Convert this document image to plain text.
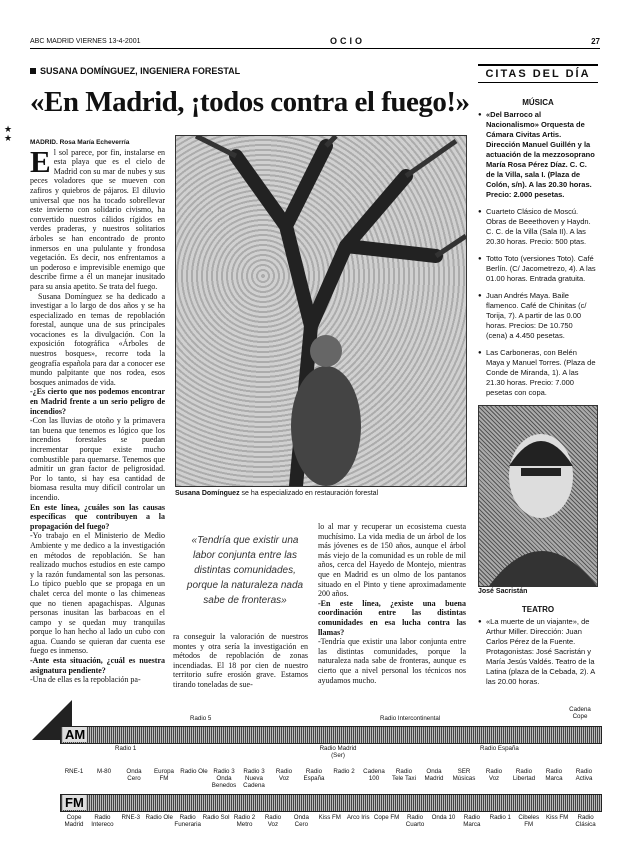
ABC MADRID VIERNES 13-4-2001	OCIO	27
SUSANA DOMÍNGUEZ, INGENIERA FORESTAL
«En Madrid, ¡todos contra el fuego!»
★
★	MADRID. Rosa María Echeverría

El sol parece, por fin, instalarse en esta playa que es el cielo de Madrid con su mar de nubes y sus peces voladores que se mueven con zafiros y quiebros de pájaros. El diluvio universal que nos ha tocado sobrellevar este invierno con solidario civismo, ha convertido nuestros cálidos rígidos en verdes praderas, y nuestros solitarios árboles se han encontrado de pronto inmersos en una pululante y frondosa vegetación. Es decir, nos enfrentamos a un poderoso e imprevisible enemigo que describe firme a él un manejar inusitado para su ansia apetito. Se trata del fuego.

Susana Domínguez se ha dedicado a investigar a lo largo de dos años y se ha especializado en temas de repoblación forestal, aunque una de sus principales vocaciones es la divulgación. Con la exposición fotográfica «Árboles de nuestros bosques», recorre toda la geografía española para dar a conocer ese mundo palpitante que nos rodea, esos bosques animados de vida.

-¿Es cierto que nos podemos encontrar en Madrid frente a un serio peligro de incendios?

-Con las lluvias de otoño y la primavera tan buena que tenemos es lógico que los incendios forestales se puedan incrementar porque existe mucho combustible para quemarse. Tenemos que admitir un gran factor de peligrosidad. Por lo tanto, si hay esa cantidad de biomasa resulta muy difícil controlar un incendio.

En este línea, ¿cuáles son las causas específicas que contribuyen a la propagación del fuego?

-Yo trabajo en el Ministerio de Medio Ambiente y me dedico a la investigación en métodos de repoblación. Se han realizado muchos estudios en este campo y la razón fundamental son las personas. Lo típico pueblo que se propaga en un chalet cerca del monte o las chimeneas que no tienen apagachispas. Algunas personas inusitan las barbacoas en el campo y se quedan muy tranquilas porque lo han hecho al lado un cubo con agua. Cuando se quieran dar cuenta ese fuego es inmenso.

-Ante esta situación, ¿cuál es nuestra asignatura pendiente?

-Una de ellas es la repoblación pa-

Susana Domínguez se ha especializado en restauración forestal
«Tendría que existir una labor conjunta entre las distintas comunidades, porque la naturaleza nada sabe de fronteras»

ra conseguir la valoración de nuestros montes y otra sería la investigación en métodos de repoblación de zonas incendiadas. El 18 por cien de nuestro territorio sufre erosión grave. Estamos tirando toneladas de sue-

lo al mar y recuperar un ecosistema cuesta muchísimo. La vida media de un árbol de los más jóvenes es de 150 años, aunque el árbol más viejo de la comunidad es un roble de mil años, cerca del Hayedo de Montejo, mientras que en Madrid es un olmo de los pantanos situado en el Pinto y tiene aproximadamente 200 años.

-En este línea, ¿existe una buena coordinación entre las distintas comunidades en esa lucha contra las llamas?

-Tendría que existir una labor conjunta entre las distintas comunidades, porque la naturaleza nada sabe de fronteras, aunque es cierto que a nivel personal los técnicos nos ayudamos mucho.

CITAS DEL DÍA
MÚSICA
● «Del Barroco al Nacionalismo» Orquesta de Cámara Civitas Artis. Dirección Manuel Guillén y la actuación de la mezzosoprano María Rosa Pérez Díaz. C. C. de la Villa, sala I. (Plaza de Colón, s/n). A las 20.30 horas. Precio: 2.000 pesetas.
● Cuarteto Clásico de Moscú. Obras de Beeethoven y Haydn. C. C. de la Villa (Sala II). A las 20.30 horas. Precio: 500 ptas.
● Totto Toto (versiones Toto). Café Berlín. (C/ Jacometrezo, 4). A las 01.00 horas. Entrada gratuita.
● Juan Andrés Maya. Baile flamenco. Café de Chinitas (c/ Torija, 7). A partir de las 0.00 horas. Precios: De 10.750 (cena) a 4.450 pesetas.
● Las Carboneras, con Belén Maya y Manuel Torres. (Plaza de Conde de Miranda, 1). A las 21.30 horas. Precio: 7.000 pesetas con copa.
José Sacristán
TEATRO
● «La muerte de un viajante», de Arthur Miller. Dirección: Juan Carlos Pérez de la Fuente. Protagonistas: José Sacristán y María Jesús Valdés. Teatro de la Latina (plaza de la Cebada, 2). A las 20.00 horas.
Radio 5	Radio Intercontinental
Cadena Cope
AM
Radio 1	Radio Madrid (Ser)
Radio España
FM
RNE-1	M-80	Onda Cero
Europa FM
Radio Ole Radio 3 Onda Benedos
Radio 3 Nueva Cadena
Radio Voz
Radio España
Radio 2	Cadena 100
Radio Tele Taxi
Onda Madrid
SER Músicas
Radio Voz
Radio Libertad
Radio Marca
Radio Activa
Cope Madrid
Radio Intereco
RNE-3 Radio Ole	Radio Funeraria
Radio Sol Radio 2 Metro
Radio Voz
Onda Cero
Kiss FM Arco Iris Cope FM	Radio Cuarto
Onda 10	Radio Marca
Radio 1	Cibeles FM
Kiss FM	Radio Clásica
